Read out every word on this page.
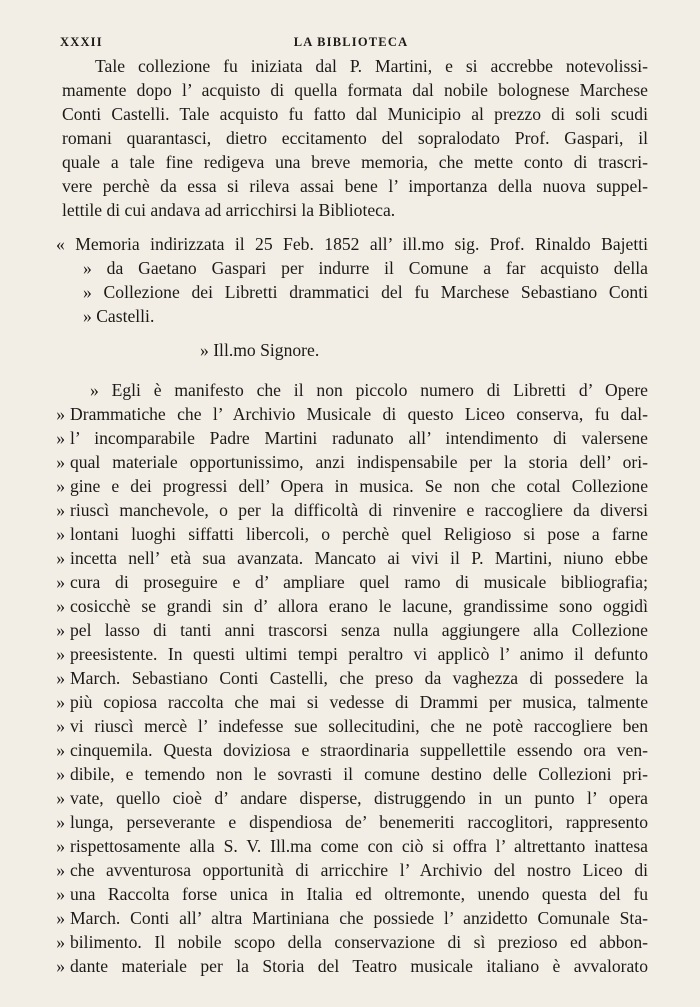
XXXII	LA BIBLIOTECA
Tale collezione fu iniziata dal P. Martini, e si accrebbe notevolissi-
mamente dopo l’ acquisto di quella formata dal nobile bolognese Marchese
Conti Castelli. Tale acquisto fu fatto dal Municipio al prezzo di soli scudi
romani quarantasci, dietro eccitamento del sopralodato Prof. Gaspari, il
quale a tale fine redigeva una breve memoria, che mette conto di trascri-
vere perchè da essa si rileva assai bene l’ importanza della nuova suppel-
lettile di cui andava ad arricchirsi la Biblioteca.
« Memoria indirizzata il 25 Feb. 1852 all’ ill.mo sig. Prof. Rinaldo Bajetti
» da Gaetano Gaspari per indurre il Comune a far acquisto della
» Collezione dei Libretti drammatici del fu Marchese Sebastiano Conti
» Castelli.
» Ill.mo Signore.
» Egli è manifesto che il non piccolo numero di Libretti d’ Opere
» Drammatiche che l’ Archivio Musicale di questo Liceo conserva, fu dal-
» l’ incomparabile Padre Martini radunato all’ intendimento di valersene
» qual materiale opportunissimo, anzi indispensabile per la storia dell’ ori-
» gine e dei progressi dell’ Opera in musica. Se non che cotal Collezione
» riuscì manchevole, o per la difficoltà di rinvenire e raccogliere da diversi
» lontani luoghi siffatti libercoli, o perchè quel Religioso si pose a farne
» incetta nell’ età sua avanzata. Mancato ai vivi il P. Martini, niuno ebbe
» cura di proseguire e d’ ampliare quel ramo di musicale bibliografia;
» cosicchè se grandi sin d’ allora erano le lacune, grandissime sono oggidì
» pel lasso di tanti anni trascorsi senza nulla aggiungere alla Collezione
» preesistente. In questi ultimi tempi peraltro vi applicò l’ animo il defunto
» March. Sebastiano Conti Castelli, che preso da vaghezza di possedere la
» più copiosa raccolta che mai si vedesse di Drammi per musica, talmente
» vi riuscì mercè l’ indefesse sue sollecitudini, che ne potè raccogliere ben
» cinquemila. Questa doviziosa e straordinaria suppellettile essendo ora ven-
» dibile, e temendo non le sovrasti il comune destino delle Collezioni pri-
» vate, quello cioè d’ andare disperse, distruggendo in un punto l’ opera
» lunga, perseverante e dispendiosa de’ benemeriti raccoglitori, rappresento
» rispettosamente alla S. V. Ill.ma come con ciò si offra l’ altrettanto inattesa
» che avventurosa opportunità di arricchire l’ Archivio del nostro Liceo di
» una Raccolta forse unica in Italia ed oltremonte, unendo questa del fu
» March. Conti all’ altra Martiniana che possiede l’ anzidetto Comunale Sta-
» bilimento. Il nobile scopo della conservazione di sì prezioso ed abbon-
» dante materiale per la Storia del Teatro musicale italiano è avvalorato
